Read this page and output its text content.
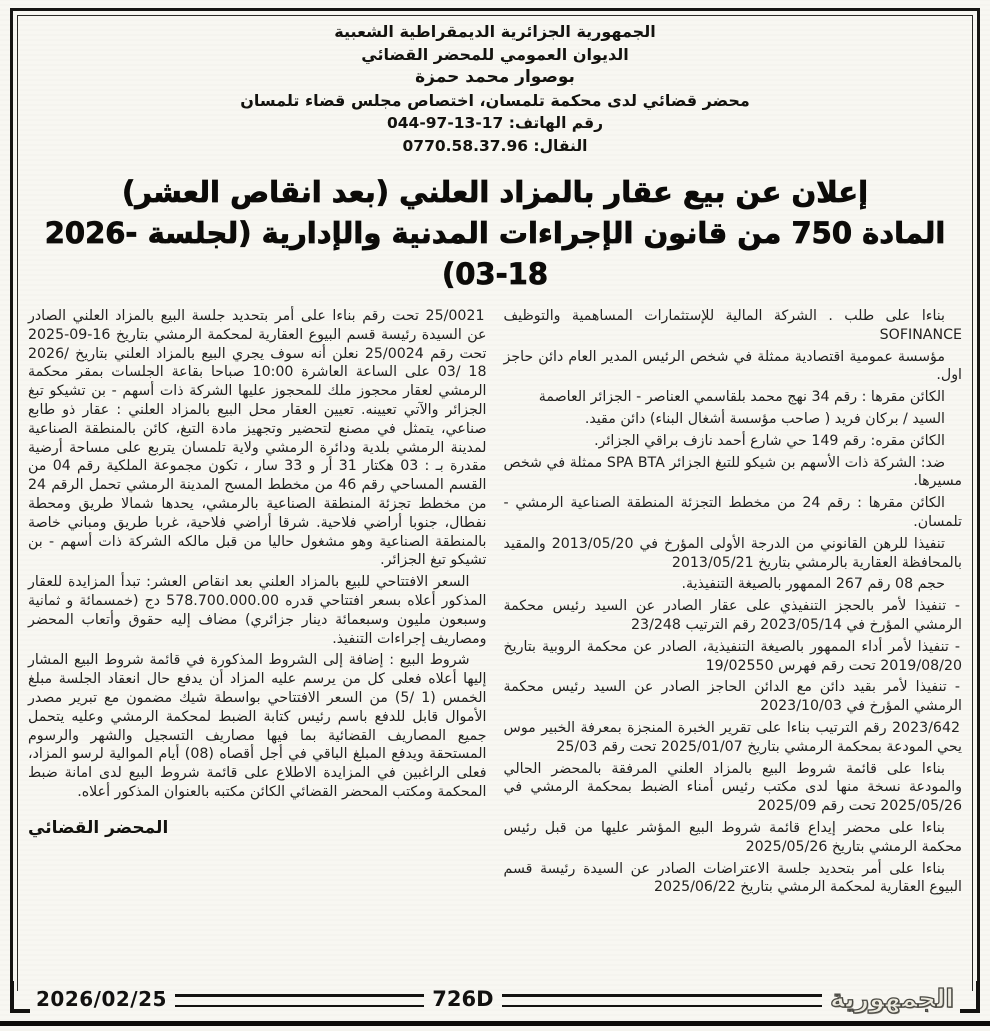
الجمهورية الجزائرية الديمقراطية الشعبية
الديوان العمومي للمحضر القضائي
بوصوار محمد حمزة
محضر قضائي لدى محكمة تلمسان، اختصاص مجلس قضاء تلمسان
رقم الهاتف: ⁦044-97-13-17⁩
النقال: ⁦0770.58.37.96⁩
إعلان عن بيع عقار بالمزاد العلني (بعد انقاص العشر)
المادة 750 من قانون الإجراءات المدنية والإدارية (لجلسة ⁦2026-03-18⁩)

بناءا على طلب . الشركة المالية للإستثمارات المساهمية والتوظيف SOFINANCE

مؤسسة عمومية اقتصادية ممثلة في شخص الرئيس المدير العام دائن حاجز اول.

الكائن مقرها : رقم 34 نهج محمد بلقاسمي العناصر - الجزائر العاصمة

السيد / بركان فريد ( صاحب مؤسسة أشغال البناء) دائن مقيد.

الكائن مقره: رقم 149 حي شارع أحمد نازف براقي الجزائر.

ضد: الشركة ذات الأسهم بن شيكو للتبغ الجزائر SPA BTA ممثلة في شخص مسيرها.

الكائن مقرها : رقم 24 من مخطط التجزئة المنطقة الصناعية الرمشي - تلمسان.

تنفيذا للرهن القانوني من الدرجة الأولى المؤرخ في ⁦2013/05/20⁩ والمقيد بالمحافظة العقارية بالرمشي بتاريخ ⁦2013/05/21⁩

حجم 08 رقم 267 الممهور بالصيغة التنفيذية.

- تنفيذا لأمر بالحجز التنفيذي على عقار الصادر عن السيد رئيس محكمة الرمشي المؤرخ في ⁦2023/05/14⁩ رقم الترتيب ⁦23/248⁩

- تنفيذا لأمر أداء الممهور بالصيغة التنفيذية، الصادر عن محكمة الروبية بتاريخ ⁦2019/08/20⁩ تحت رقم فهرس ⁦19/02550⁩

- تنفيذا لأمر بقيد دائن مع الدائن الحاجز الصادر عن السيد رئيس محكمة الرمشي المؤرخ في ⁦2023/10/03⁩

⁦2023/642⁩ رقم الترتيب بناءا على تقرير الخبرة المنجزة بمعرفة الخبير موس يحي المودعة بمحكمة الرمشي بتاريخ ⁦2025/01/07⁩ تحت رقم ⁦25/03⁩

بناءا على قائمة شروط البيع بالمزاد العلني المرفقة بالمحضر الحالي والمودعة نسخة منها لدى مكتب رئيس أمناء الضبط بمحكمة الرمشي في ⁦2025/05/26⁩ تحت رقم ⁦2025/09⁩

بناءا على محضر إيداع قائمة شروط البيع المؤشر عليها من قبل رئيس محكمة الرمشي بتاريخ ⁦2025/05/26⁩

بناءا على أمر بتحديد جلسة الاعتراضات الصادر عن السيدة رئيسة قسم البيوع العقارية لمحكمة الرمشي بتاريخ ⁦2025/06/22⁩

⁦25/0021⁩ تحت رقم بناءا على أمر بتحديد جلسة البيع بالمزاد العلني الصادر عن السيدة رئيسة قسم البيوع العقارية لمحكمة الرمشي بتاريخ ⁦2025-09-16⁩ تحت رقم ⁦25/0024⁩ نعلن أنه سوف يجري البيع بالمزاد العلني بتاريخ ⁦2026/ 03/ 18⁩ على الساعة العاشرة ⁦10:00⁩ صباحا بقاعة الجلسات بمقر محكمة الرمشي لعقار محجوز ملك للمحجوز عليها الشركة ذات أسهم - بن تشيكو تبغ الجزائر والآتي تعيينه. تعيين العقار محل البيع بالمزاد العلني : عقار ذو طابع صناعي، يتمثل في مصنع لتحضير وتجهيز مادة التبغ، كائن بالمنطقة الصناعية لمدينة الرمشي بلدية ودائرة الرمشي ولاية تلمسان يتربع على مساحة أرضية مقدرة بـ : 03 هكتار 31 أر و 33 سار ، تكون مجموعة الملكية رقم 04 من القسم المساحي رقم 46 من مخطط المسح المدينة الرمشي تحمل الرقم 24 من مخطط تجزئة المنطقة الصناعية بالرمشي، يحدها شمالا طريق ومحطة نفطال، جنوبا أراضي فلاحية. شرقا أراضي فلاحية، غربا طريق ومباني خاصة بالمنطقة الصناعية وهو مشغول حاليا من قبل مالكه الشركة ذات أسهم - بن تشيكو تبغ الجزائر.

السعر الافتتاحي للبيع بالمزاد العلني بعد انقاص العشر: تبدأ المزايدة للعقار المذكور أعلاه بسعر افتتاحي قدره ⁦578.700.000.00⁩ دج (خمسمائة و ثمانية وسبعون مليون وسبعمائة دينار جزائري) مضاف إليه حقوق وأتعاب المحضر ومصاريف إجراءات التنفيذ.

شروط البيع : إضافة إلى الشروط المذكورة في قائمة شروط البيع المشار إليها أعلاه فعلى كل من يرسم عليه المزاد أن يدفع حال انعقاد الجلسة مبلغ الخمس ⁦(5/ 1)⁩ من السعر الافتتاحي بواسطة شيك مضمون مع تبرير مصدر الأموال قابل للدفع باسم رئيس كتابة الضبط لمحكمة الرمشي وعليه يتحمل جميع المصاريف القضائية بما فيها مصاريف التسجيل والشهر والرسوم المستحقة ويدفع المبلغ الباقي في أجل أقصاه (08) أيام الموالية لرسو المزاد، فعلى الراغبين في المزايدة الاطلاع على قائمة شروط البيع لدى امانة ضبط المحكمة ومكتب المحضر القضائي الكائن مكتبه بالعنوان المذكور أعلاه.

المحضر القضائي
2026/02/25	726D	الجمهورية
